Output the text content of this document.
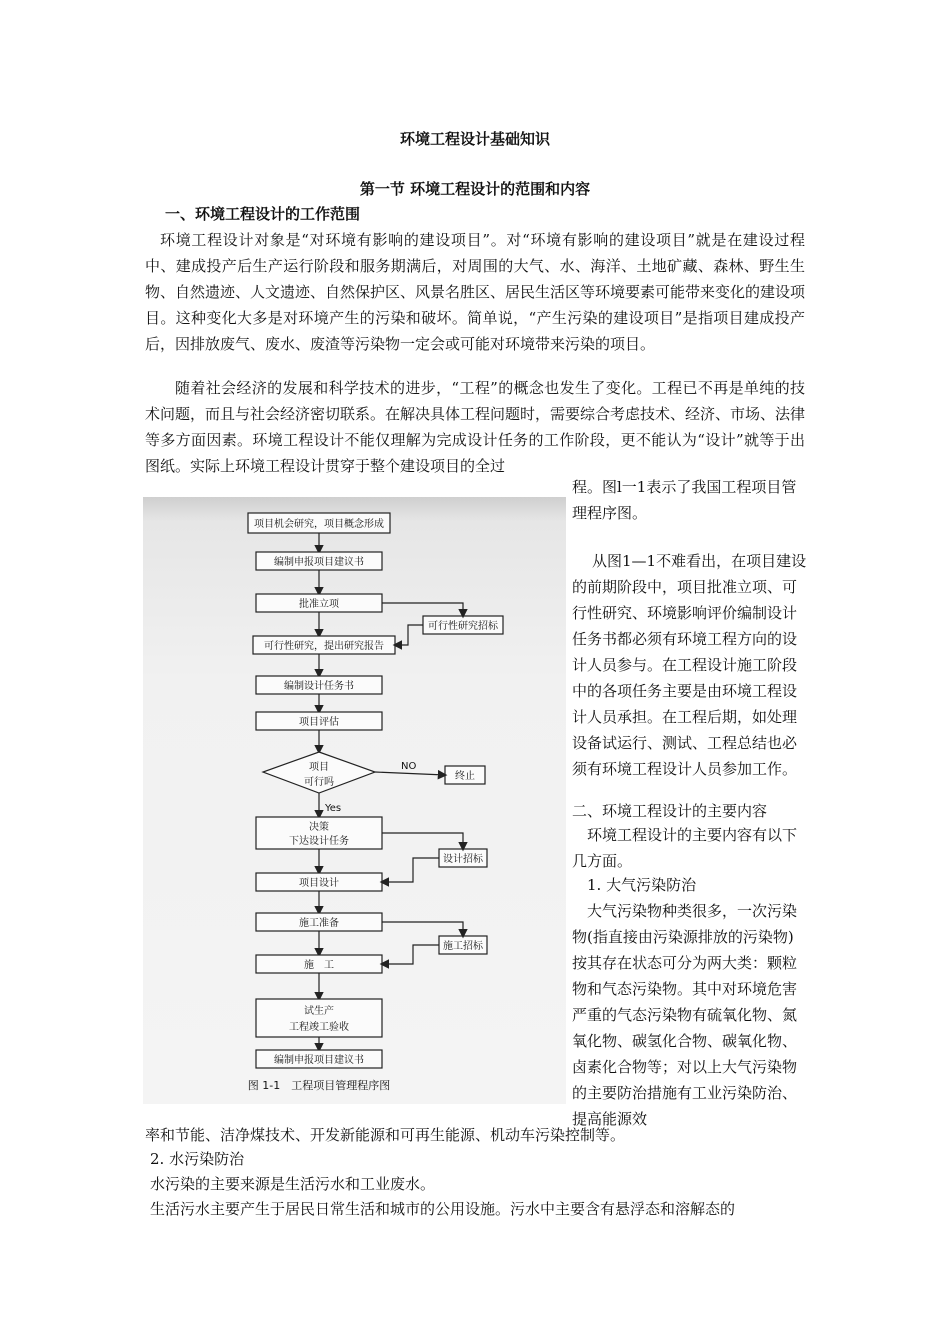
环境工程设计基础知识
第一节 环境工程设计的范围和内容
一、环境工程设计的工作范围

环境工程设计对象是“对环境有影响的建设项目”。对“环境有影响的建设项目”就是在建设过程中、建成投产后生产运行阶段和服务期满后，对周围的大气、水、海洋、土地矿藏、森林、野生生物、自然遗迹、人文遗迹、自然保护区、风景名胜区、居民生活区等环境要素可能带来变化的建设项目。这种变化大多是对环境产生的污染和破坏。简单说，“产生污染的建设项目”是指项目建成投产后，因排放废气、废水、废渣等污染物一定会或可能对环境带来污染的项目。

随着社会经济的发展和科学技术的进步，“工程”的概念也发生了变化。工程已不再是单纯的技术问题，而且与社会经济密切联系。在解决具体工程问题时，需要综合考虑技术、经济、市场、法律等多方面因素。环境工程设计不能仅理解为完成设计任务的工作阶段，更不能认为“设计”就等于出图纸。实际上环境工程设计贯穿于整个建设项目的全过

项目机会研究，项目概念形成
编制申报项目建议书
批准立项
可行性研究，提出研究报告
编制设计任务书
项目评估
项目
可行吗
NO
Yes
决策
下达设计任务
项目设计
施工准备
施　工
试生产
工程竣工验收
编制申报项目建议书
可行性研究招标
终止
设计招标
施工招标
图 1-1　工程项目管理程序图

程。图l一1表示了我国工程项目管理程序图。

从图1—1不难看出，在项目建设的前期阶段中，项目批准立项、可行性研究、环境影响评价编制设计任务书都必须有环境工程方向的设计人员参与。在工程设计施工阶段中的各项任务主要是由环境工程设计人员承担。在工程后期，如处理设备试运行、测试、工程总结也必须有环境工程设计人员参加工作。

二、环境工程设计的主要内容

环境工程设计的主要内容有以下几方面。

1. 大气污染防治

大气污染物种类很多，一次污染物(指直接由污染源排放的污染物)按其存在状态可分为两大类：颗粒物和气态污染物。其中对环境危害严重的气态污染物有硫氧化物、氮氧化物、碳氢化合物、碳氧化物、卤素化合物等；对以上大气污染物的主要防治措施有工业污染防治、提高能源效

率和节能、洁净煤技术、开发新能源和可再生能源、机动车污染控制等。

2. 水污染防治

水污染的主要来源是生活污水和工业废水。

生活污水主要产生于居民日常生活和城市的公用设施。污水中主要含有悬浮态和溶解态的
